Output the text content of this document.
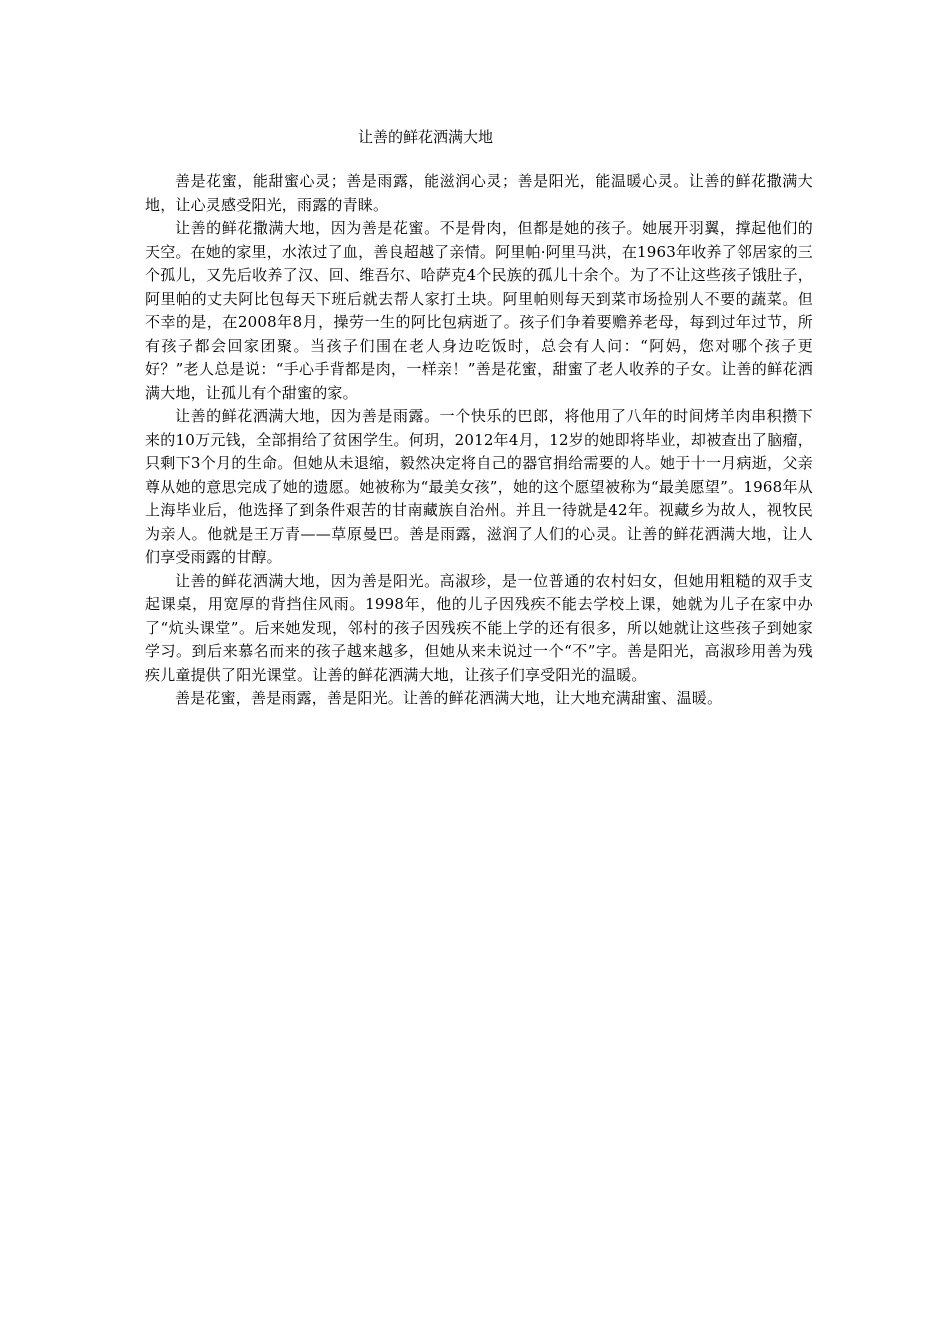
让善的鲜花洒满大地

善是花蜜，能甜蜜心灵；善是雨露，能滋润心灵；善是阳光，能温暖心灵。让善的鲜花撒满大地，让心灵感受阳光，雨露的青睐。

让善的鲜花撒满大地，因为善是花蜜。不是骨肉，但都是她的孩子。她展开羽翼，撑起他们的天空。在她的家里，水浓过了血，善良超越了亲情。阿里帕·阿里马洪，在1963年收养了邻居家的三个孤儿，又先后收养了汉、回、维吾尔、哈萨克4个民族的孤儿十余个。为了不让这些孩子饿肚子，阿里帕的丈夫阿比包每天下班后就去帮人家打土块。阿里帕则每天到菜市场捡别人不要的蔬菜。但不幸的是，在2008年8月，操劳一生的阿比包病逝了。孩子们争着要赡养老母，每到过年过节，所有孩子都会回家团聚。当孩子们围在老人身边吃饭时，总会有人问：“阿妈，您对哪个孩子更好？”老人总是说：“手心手背都是肉，一样亲！”善是花蜜，甜蜜了老人收养的子女。让善的鲜花洒满大地，让孤儿有个甜蜜的家。

让善的鲜花洒满大地，因为善是雨露。一个快乐的巴郎，将他用了八年的时间烤羊肉串积攒下来的10万元钱，全部捐给了贫困学生。何玥，2012年4月，12岁的她即将毕业，却被查出了脑瘤，只剩下3个月的生命。但她从未退缩，毅然决定将自己的器官捐给需要的人。她于十一月病逝，父亲尊从她的意思完成了她的遗愿。她被称为“最美女孩”，她的这个愿望被称为“最美愿望”。1968年从上海毕业后，他选择了到条件艰苦的甘南藏族自治州。并且一待就是42年。视藏乡为故人，视牧民为亲人。他就是王万青——草原曼巴。善是雨露，滋润了人们的心灵。让善的鲜花洒满大地，让人们享受雨露的甘醇。

让善的鲜花洒满大地，因为善是阳光。高淑珍，是一位普通的农村妇女，但她用粗糙的双手支起课桌，用宽厚的背挡住风雨。1998年，他的儿子因残疾不能去学校上课，她就为儿子在家中办了“炕头课堂”。后来她发现，邻村的孩子因残疾不能上学的还有很多，所以她就让这些孩子到她家学习。到后来慕名而来的孩子越来越多，但她从来未说过一个“不”字。善是阳光，高淑珍用善为残疾儿童提供了阳光课堂。让善的鲜花洒满大地，让孩子们享受阳光的温暖。

善是花蜜，善是雨露，善是阳光。让善的鲜花洒满大地，让大地充满甜蜜、温暖。
